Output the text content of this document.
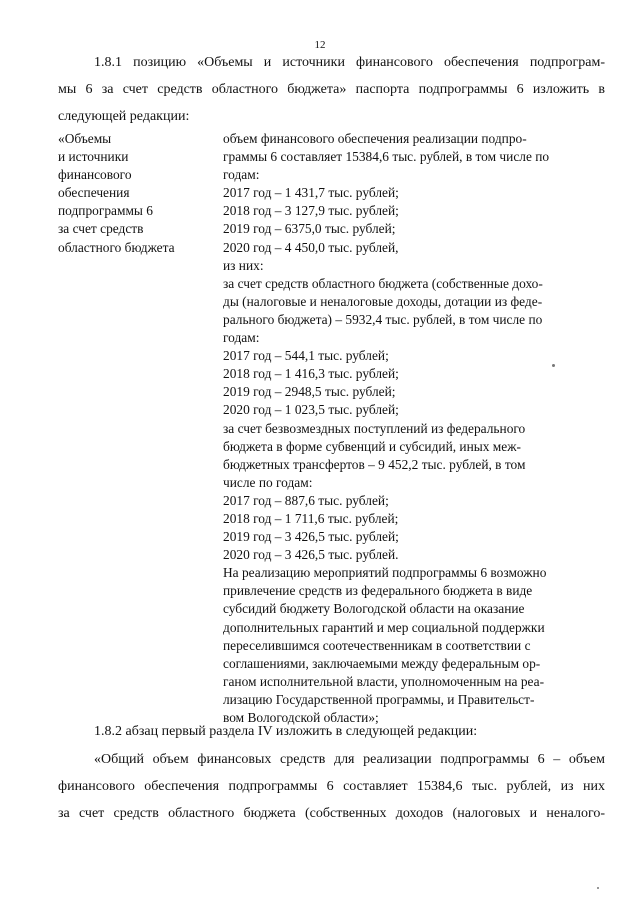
12
1.8.1 позицию «Объемы и источники финансового обеспечения подпрограм-
мы 6 за счет средств областного бюджета» паспорта подпрограммы 6 изложить в
следующей редакции:
«Объемы
и источники
финансового
обеспечения
подпрограммы 6
за счет средств
областного бюджета
объем финансового обеспечения реализации подпро-
граммы 6 составляет 15384,6 тыс. рублей, в том числе по
годам:
2017 год – 1 431,7 тыс. рублей;
2018 год – 3 127,9 тыс. рублей;
2019 год – 6375,0 тыс. рублей;
2020 год – 4 450,0 тыс. рублей,
из них:
за счет средств областного бюджета (собственные дохо-
ды (налоговые и неналоговые доходы, дотации из феде-
рального бюджета) – 5932,4 тыс. рублей, в том числе по
годам:
2017 год – 544,1 тыс. рублей;
2018 год – 1 416,3 тыс. рублей;
2019 год – 2948,5 тыс. рублей;
2020 год – 1 023,5 тыс. рублей;
за счет безвозмездных поступлений из федерального
бюджета в форме субвенций и субсидий, иных меж-
бюджетных трансфертов – 9 452,2 тыс. рублей, в том
числе по годам:
2017 год – 887,6 тыс. рублей;
2018 год – 1 711,6 тыс. рублей;
2019 год – 3 426,5 тыс. рублей;
2020 год – 3 426,5 тыс. рублей.
На реализацию мероприятий подпрограммы 6 возможно
привлечение средств из федерального бюджета в виде
субсидий бюджету Вологодской области на оказание
дополнительных гарантий и мер социальной поддержки
переселившимся соотечественникам в соответствии с
соглашениями, заключаемыми между федеральным ор-
ганом исполнительной власти, уполномоченным на реа-
лизацию Государственной программы, и Правительст-
вом Вологодской области»;
1.8.2 абзац первый раздела IV изложить в следующей редакции:
«Общий объем финансовых средств для реализации подпрограммы 6 – объем
финансового обеспечения подпрограммы 6 составляет 15384,6 тыс. рублей, из них
за счет средств областного бюджета (собственных доходов (налоговых и неналого-
